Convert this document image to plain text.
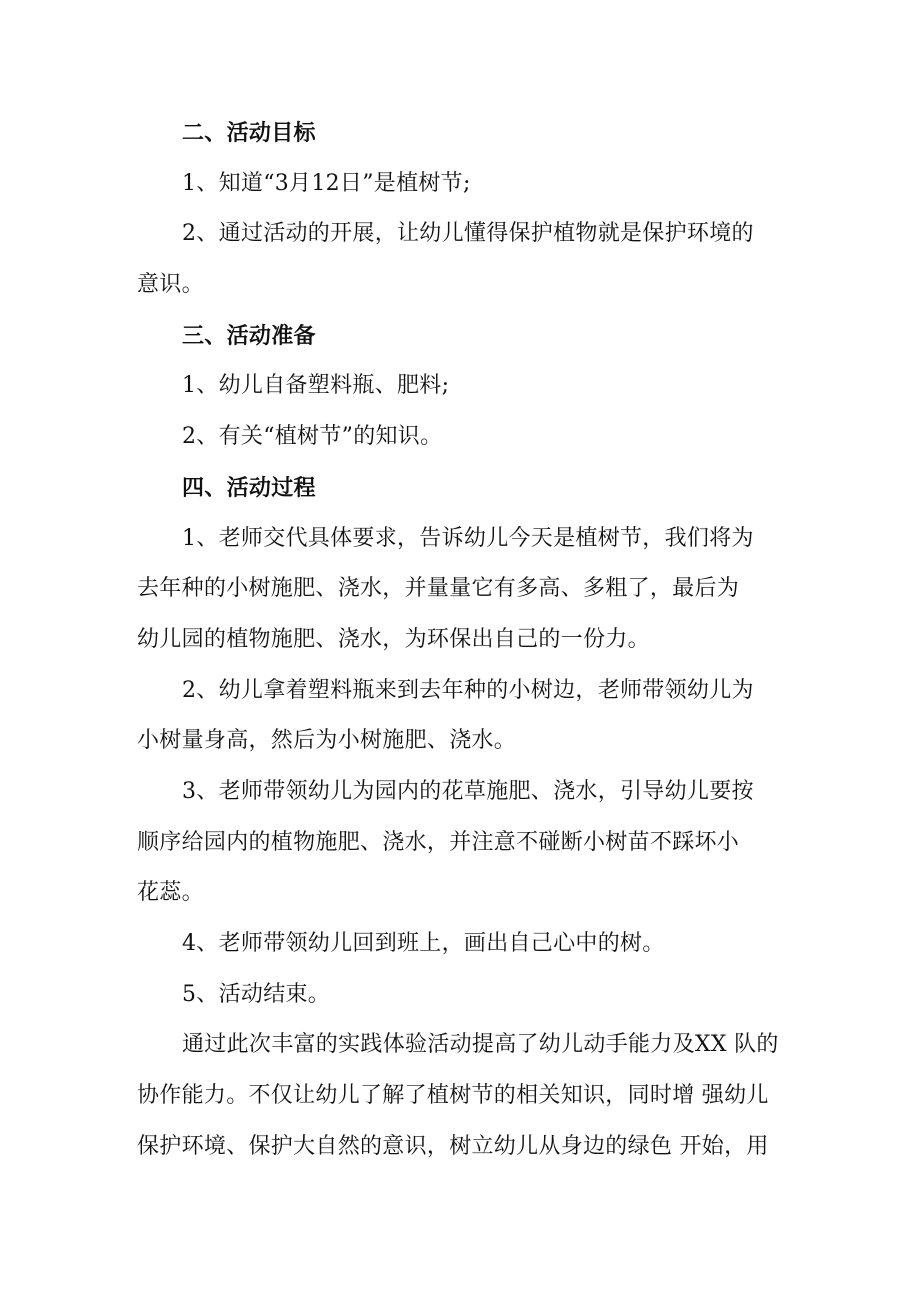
二、活动目标
1、知道“3月12日”是植树节;
2、通过活动的开展，让幼儿懂得保护植物就是保护环境的
意识。
三、活动准备
1、幼儿自备塑料瓶、肥料;
2、有关“植树节”的知识。
四、活动过程
1、老师交代具体要求，告诉幼儿今天是植树节，我们将为
去年种的小树施肥、浇水，并量量它有多高、多粗了，最后为
幼儿园的植物施肥、浇水，为环保出自己的一份力。
2、幼儿拿着塑料瓶来到去年种的小树边，老师带领幼儿为
小树量身高，然后为小树施肥、浇水。
3、老师带领幼儿为园内的花草施肥、浇水，引导幼儿要按
顺序给园内的植物施肥、浇水，并注意不碰断小树苗不踩坏小
花蕊。
4、老师带领幼儿回到班上，画出自己心中的树。
5、活动结束。
通过此次丰富的实践体验活动提高了幼儿动手能力及XX 队的
协作能力。不仅让幼儿了解了植树节的相关知识，同时增 强幼儿
保护环境、保护大自然的意识，树立幼儿从身边的绿色 开始，用
